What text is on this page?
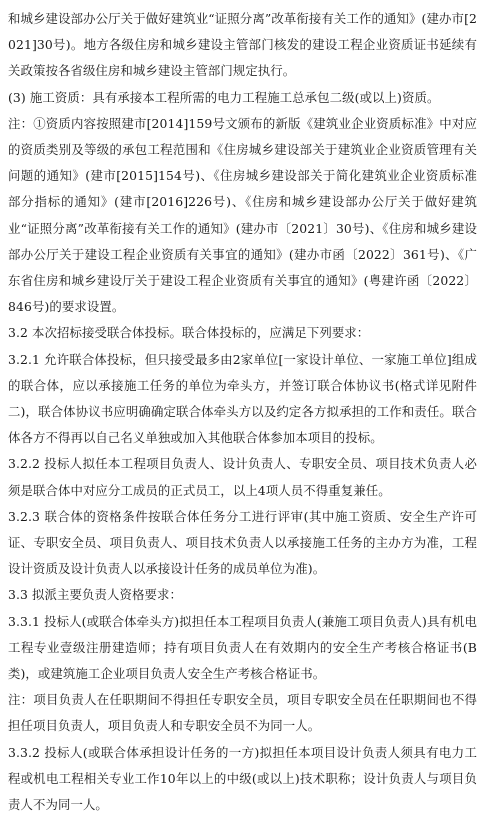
和城乡建设部办公厅关于做好建筑业“证照分离”改革衔接有关工作的通知》(建办市[2021]30号)。地方各级住房和城乡建设主管部门核发的建设工程企业资质证书延续有关政策按各省级住房和城乡建设主管部门规定执行。

(3) 施工资质：具有承接本工程所需的电力工程施工总承包二级(或以上)资质。

注：①资质内容按照建市[2014]159号文颁布的新版《建筑业企业资质标准》中对应的资质类别及等级的承包工程范围和《住房城乡建设部关于建筑业企业资质管理有关问题的通知》(建市[2015]154号)、《住房城乡建设部关于简化建筑业企业资质标准部分指标的通知》(建市[2016]226号)、《住房和城乡建设部办公厅关于做好建筑业“证照分离”改革衔接有关工作的通知》(建办市〔2021〕30号)、《住房和城乡建设部办公厅关于建设工程企业资质有关事宜的通知》(建办市函〔2022〕361号)、《广东省住房和城乡建设厅关于建设工程企业资质有关事宜的通知》(粤建许函〔2022〕846号)的要求设置。

3.2 本次招标接受联合体投标。联合体投标的，应满足下列要求：

3.2.1 允许联合体投标，但只接受最多由2家单位[一家设计单位、一家施工单位]组成的联合体，应以承接施工任务的单位为牵头方，并签订联合体协议书(格式详见附件二)，联合体协议书应明确确定联合体牵头方以及约定各方拟承担的工作和责任。联合体各方不得再以自己名义单独或加入其他联合体参加本项目的投标。

3.2.2 投标人拟任本工程项目负责人、设计负责人、专职安全员、项目技术负责人必须是联合体中对应分工成员的正式员工，以上4项人员不得重复兼任。

3.2.3 联合体的资格条件按联合体任务分工进行评审(其中施工资质、安全生产许可证、专职安全员、项目负责人、项目技术负责人以承接施工任务的主办方为准，工程设计资质及设计负责人以承接设计任务的成员单位为准)。

3.3 拟派主要负责人资格要求：

3.3.1 投标人(或联合体牵头方)拟担任本工程项目负责人(兼施工项目负责人)具有机电工程专业壹级注册建造师；持有项目负责人在有效期内的安全生产考核合格证书(B类)，或建筑施工企业项目负责人安全生产考核合格证书。

注：项目负责人在任职期间不得担任专职安全员，项目专职安全员在任职期间也不得担任项目负责人，项目负责人和专职安全员不为同一人。

3.3.2 投标人(或联合体承担设计任务的一方)拟担任本项目设计负责人须具有电力工程或机电工程相关专业工作10年以上的中级(或以上)技术职称；设计负责人与项目负责人不为同一人。
